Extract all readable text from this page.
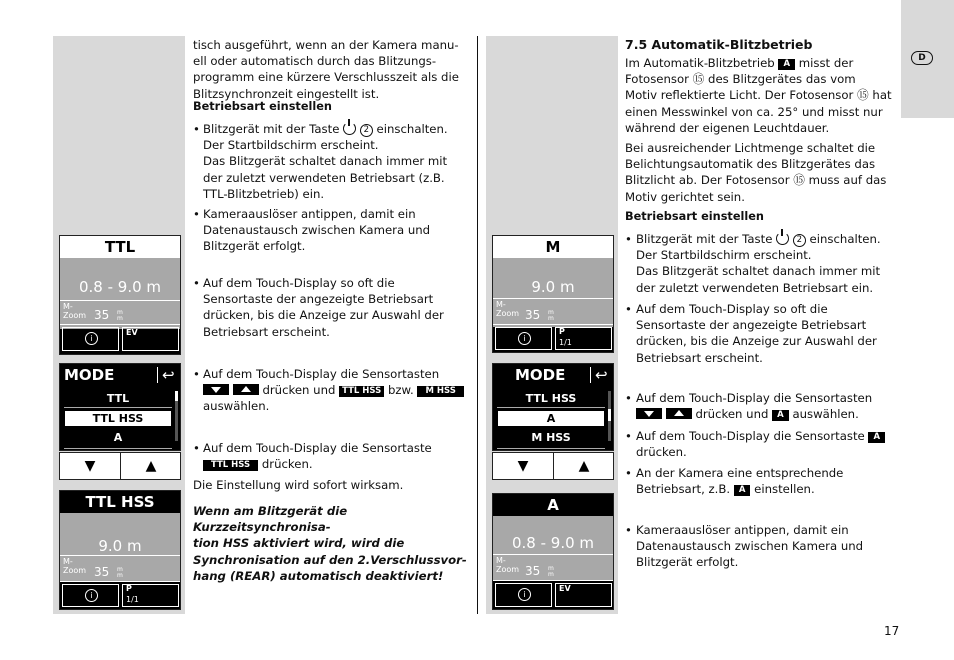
D
TTL
0.8 - 9.0 m
M-
Zoom 35 m
m
i
EV
MODE	↩
TTL
TTL HSS
A
▼	▲
TTL HSS
9.0 m
M-
Zoom 35 m
m
i
P
1/1
tisch ausgeführt, wenn an der Kamera manu-
ell oder automatisch durch das Blitzungs-
programm eine kürzere Verschlusszeit als die
Blitzsynchronzeit eingestellt ist.
Betriebsart einstellen
• Blitzgerät mit der Taste	2 einschalten.
Der Startbildschirm erscheint.
Das Blitzgerät schaltet danach immer mit
der zuletzt verwendeten Betriebsart (z.B.
TTL-Blitzbetrieb) ein.
• Kameraauslöser antippen, damit ein
Datenaustausch zwischen Kamera und
Blitzgerät erfolgt.
• Auf dem Touch-Display so oft die
Sensortaste der angezeigte Betriebsart
drücken, bis die Anzeige zur Auswahl der
Betriebsart erscheint.
• Auf dem Touch-Display die Sensortasten
drücken und TTL HSS bzw. M HSS
auswählen.
• Auf dem Touch-Display die Sensortaste
TTL HSS drücken.
Die Einstellung wird sofort wirksam.
Wenn am Blitzgerät die Kurzzeitsynchronisa-
tion HSS aktiviert wird, wird die
Synchronisation auf den 2.Verschlussvor-
hang (REAR) automatisch deaktiviert!
M
9.0 m
M-
Zoom 35 m
m
i
P
1/1
MODE ↩
TTL HSS
A
M HSS
▼	▲
A
0.8 - 9.0 m
M-
Zoom 35 m
m
i
EV
7.5 Automatik-Blitzbetrieb
Im Automatik-Blitzbetrieb A misst der
Fotosensor ⑮ des Blitzgerätes das vom
Motiv reflektierte Licht. Der Fotosensor ⑮ hat
einen Messwinkel von ca. 25° und misst nur
während der eigenen Leuchtdauer.
Bei ausreichender Lichtmenge schaltet die
Belichtungsautomatik des Blitzgerätes das
Blitzlicht ab. Der Fotosensor ⑮ muss auf das
Motiv gerichtet sein.
Betriebsart einstellen
• Blitzgerät mit der Taste	2 einschalten.
Der Startbildschirm erscheint.
Das Blitzgerät schaltet danach immer mit
der zuletzt verwendeten Betriebsart ein.
• Auf dem Touch-Display so oft die
Sensortaste der angezeigte Betriebsart
drücken, bis die Anzeige zur Auswahl der
Betriebsart erscheint.
• Auf dem Touch-Display die Sensortasten
drücken und A auswählen.
• Auf dem Touch-Display die Sensortaste A
drücken.
• An der Kamera eine entsprechende
Betriebsart, z.B. A einstellen.
• Kameraauslöser antippen, damit ein
Datenaustausch zwischen Kamera und
Blitzgerät erfolgt.
17
